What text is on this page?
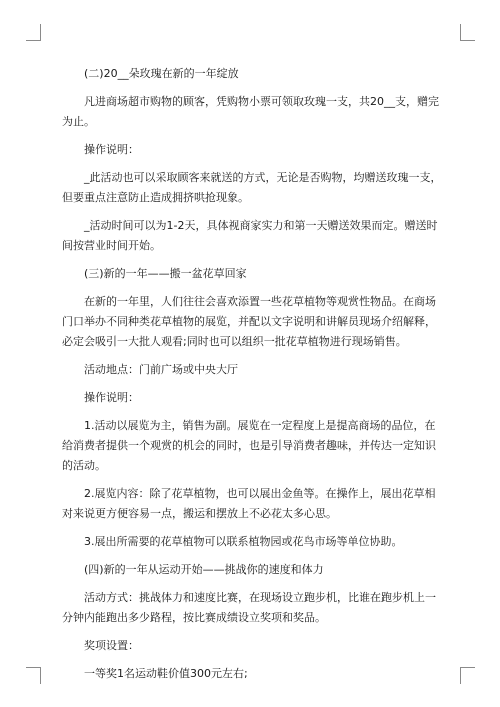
(二)20__朵玫瑰在新的一年绽放

凡进商场超市购物的顾客，凭购物小票可领取玫瑰一支，共20__支，赠完为止。

操作说明：

_此活动也可以采取顾客来就送的方式，无论是否购物，均赠送玫瑰一支，但要重点注意防止造成拥挤哄抢现象。

_活动时间可以为1-2天，具体视商家实力和第一天赠送效果而定。赠送时间按营业时间开始。

(三)新的一年——搬一盆花草回家

在新的一年里，人们往往会喜欢添置一些花草植物等观赏性物品。在商场门口举办不同种类花草植物的展览，并配以文字说明和讲解员现场介绍解释，必定会吸引一大批人观看;同时也可以组织一批花草植物进行现场销售。

活动地点：门前广场或中央大厅

操作说明：

1.活动以展览为主，销售为副。展览在一定程度上是提高商场的品位，在给消费者提供一个观赏的机会的同时，也是引导消费者趣味，并传达一定知识的活动。

2.展览内容：除了花草植物，也可以展出金鱼等。在操作上，展出花草相对来说更方便容易一点，搬运和摆放上不必花太多心思。

3.展出所需要的花草植物可以联系植物园或花鸟市场等单位协助。

(四)新的一年从运动开始——挑战你的速度和体力

活动方式：挑战体力和速度比赛，在现场设立跑步机，比谁在跑步机上一分钟内能跑出多少路程，按比赛成绩设立奖项和奖品。

奖项设置：

一等奖1名运动鞋价值300元左右;
